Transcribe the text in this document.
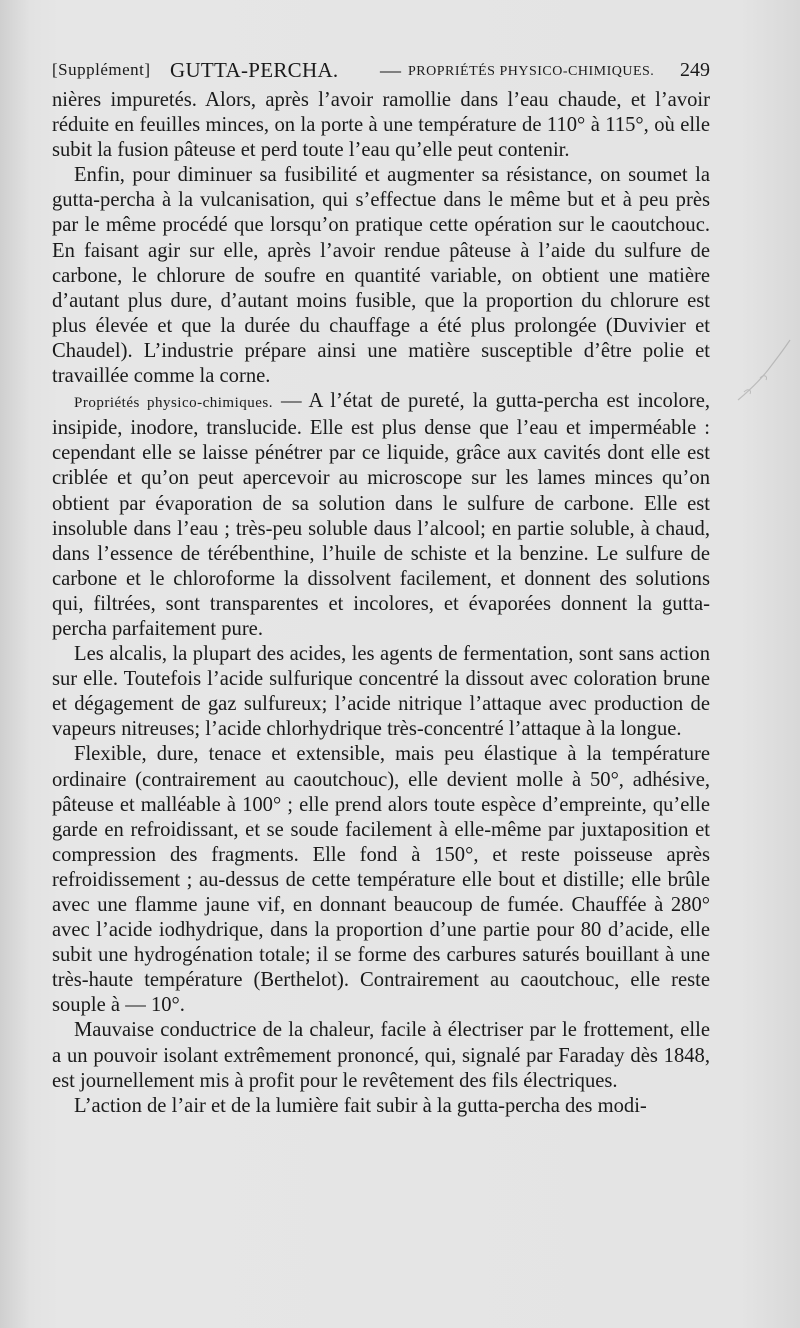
[Supplément] GUTTA-PERCHA. — PROPRIÉTÉS PHYSICO-CHIMIQUES. 249

nières impuretés. Alors, après l’avoir ramollie dans l’eau chaude, et l’avoir réduite en feuilles minces, on la porte à une température de 110° à 115°, où elle subit la fusion pâteuse et perd toute l’eau qu’elle peut contenir.

Enfin, pour diminuer sa fusibilité et augmenter sa résistance, on soumet la gutta-percha à la vulcanisation, qui s’effectue dans le même but et à peu près par le même procédé que lorsqu’on pratique cette opération sur le caoutchouc. En faisant agir sur elle, après l’avoir rendue pâteuse à l’aide du sulfure de carbone, le chlorure de soufre en quantité variable, on obtient une matière d’autant plus dure, d’autant moins fusible, que la proportion du chlorure est plus élevée et que la durée du chauffage a été plus prolongée (Duvivier et Chaudel). L’industrie prépare ainsi une matière susceptible d’être polie et travaillée comme la corne.

Propriétés physico-chimiques. — A l’état de pureté, la gutta-percha est incolore, insipide, inodore, translucide. Elle est plus dense que l’eau et imperméable : cependant elle se laisse pénétrer par ce liquide, grâce aux cavités dont elle est criblée et qu’on peut apercevoir au microscope sur les lames minces qu’on obtient par évaporation de sa solution dans le sulfure de carbone. Elle est insoluble dans l’eau ; très-peu soluble daus l’alcool; en partie soluble, à chaud, dans l’essence de térébenthine, l’huile de schiste et la benzine. Le sulfure de carbone et le chloroforme la dissolvent facilement, et donnent des solutions qui, filtrées, sont transparentes et incolores, et évaporées donnent la gutta-percha parfaitement pure.

Les alcalis, la plupart des acides, les agents de fermentation, sont sans action sur elle. Toutefois l’acide sulfurique concentré la dissout avec coloration brune et dégagement de gaz sulfureux; l’acide nitrique l’attaque avec production de vapeurs nitreuses; l’acide chlorhydrique très-concentré l’attaque à la longue.

Flexible, dure, tenace et extensible, mais peu élastique à la température ordinaire (contrairement au caoutchouc), elle devient molle à 50°, adhésive, pâteuse et malléable à 100° ; elle prend alors toute espèce d’empreinte, qu’elle garde en refroidissant, et se soude facilement à elle-même par juxtaposition et compression des fragments. Elle fond à 150°, et reste poisseuse après refroidissement ; au-dessus de cette température elle bout et distille; elle brûle avec une flamme jaune vif, en donnant beaucoup de fumée. Chauffée à 280° avec l’acide iodhydrique, dans la proportion d’une partie pour 80 d’acide, elle subit une hydrogénation totale; il se forme des carbures saturés bouillant à une très-haute température (Berthelot). Contrairement au caoutchouc, elle reste souple à — 10°.

Mauvaise conductrice de la chaleur, facile à électriser par le frottement, elle a un pouvoir isolant extrêmement prononcé, qui, signalé par Faraday dès 1848, est journellement mis à profit pour le revêtement des fils électriques.

L’action de l’air et de la lumière fait subir à la gutta-percha des modi-
